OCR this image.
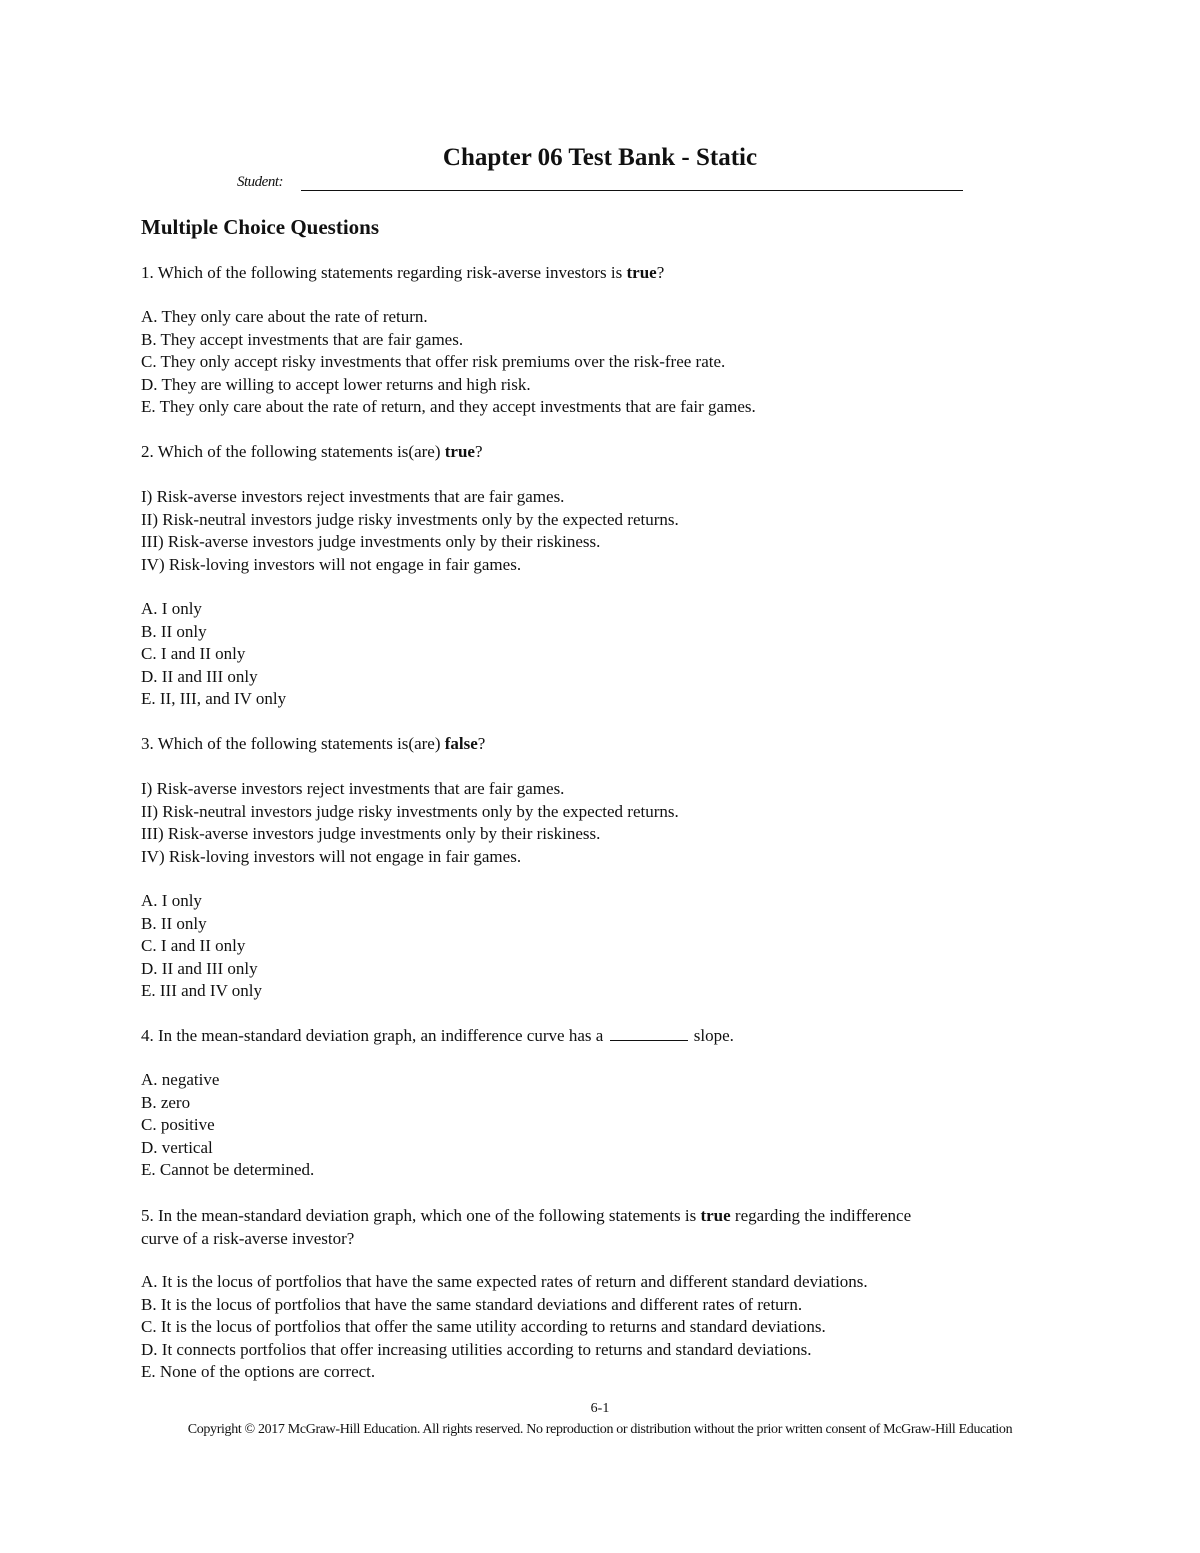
Chapter 06 Test Bank - Static
Student:
Multiple Choice Questions
1. Which of the following statements regarding risk-averse investors is true?
A. They only care about the rate of return.
B. They accept investments that are fair games.
C. They only accept risky investments that offer risk premiums over the risk-free rate.
D. They are willing to accept lower returns and high risk.
E. They only care about the rate of return, and they accept investments that are fair games.
2. Which of the following statements is(are) true?
I) Risk-averse investors reject investments that are fair games.
II) Risk-neutral investors judge risky investments only by the expected returns.
III) Risk-averse investors judge investments only by their riskiness.
IV) Risk-loving investors will not engage in fair games.
A. I only
B. II only
C. I and II only
D. II and III only
E. II, III, and IV only
3. Which of the following statements is(are) false?
I) Risk-averse investors reject investments that are fair games.
II) Risk-neutral investors judge risky investments only by the expected returns.
III) Risk-averse investors judge investments only by their riskiness.
IV) Risk-loving investors will not engage in fair games.
A. I only
B. II only
C. I and II only
D. II and III only
E. III and IV only
4. In the mean-standard deviation graph, an indifference curve has a	slope.
A. negative
B. zero
C. positive
D. vertical
E. Cannot be determined.
5. In the mean-standard deviation graph, which one of the following statements is true regarding the indifference
curve of a risk-averse investor?
A. It is the locus of portfolios that have the same expected rates of return and different standard deviations.
B. It is the locus of portfolios that have the same standard deviations and different rates of return.
C. It is the locus of portfolios that offer the same utility according to returns and standard deviations.
D. It connects portfolios that offer increasing utilities according to returns and standard deviations.
E. None of the options are correct.
6-1
Copyright © 2017 McGraw-Hill Education. All rights reserved. No reproduction or distribution without the prior written consent of McGraw-Hill Education
